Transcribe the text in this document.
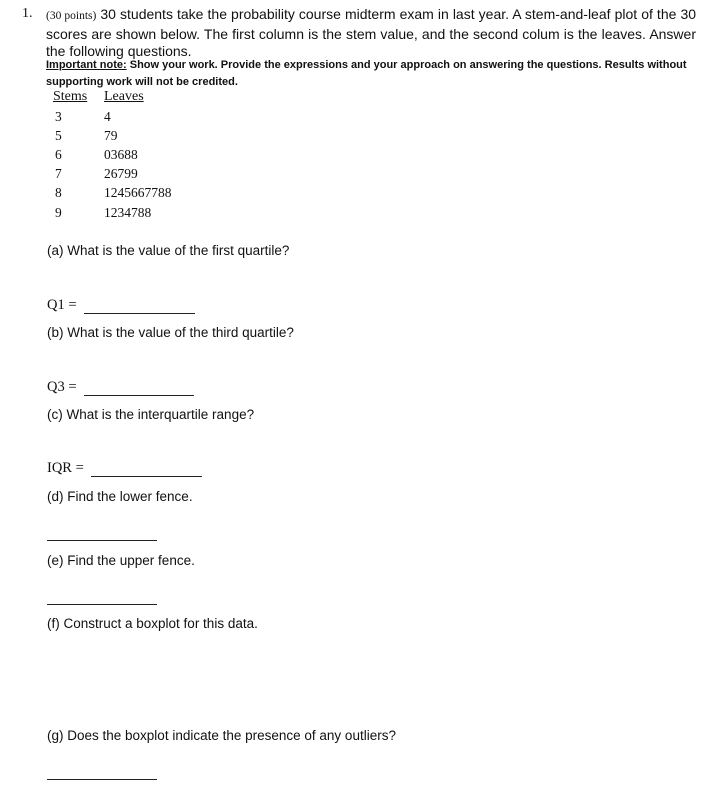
1. (30 points) 30 students take the probability course midterm exam in last year. A stem-and-leaf plot of the 30 scores are shown below. The first column is the stem value, and the second colum is the leaves. Answer the following questions.
Important note: Show your work. Provide the expressions and your approach on answering the questions. Results without supporting work will not be credited.
Stems Leaves
3	4
5	79
6	03688
7	26799
8	1245667788
9	1234788
(a) What is the value of the first quartile?
Q1 =
(b) What is the value of the third quartile?
Q3 =
(c) What is the interquartile range?
IQR =
(d) Find the lower fence.
(e) Find the upper fence.
(f) Construct a boxplot for this data.
(g) Does the boxplot indicate the presence of any outliers?
